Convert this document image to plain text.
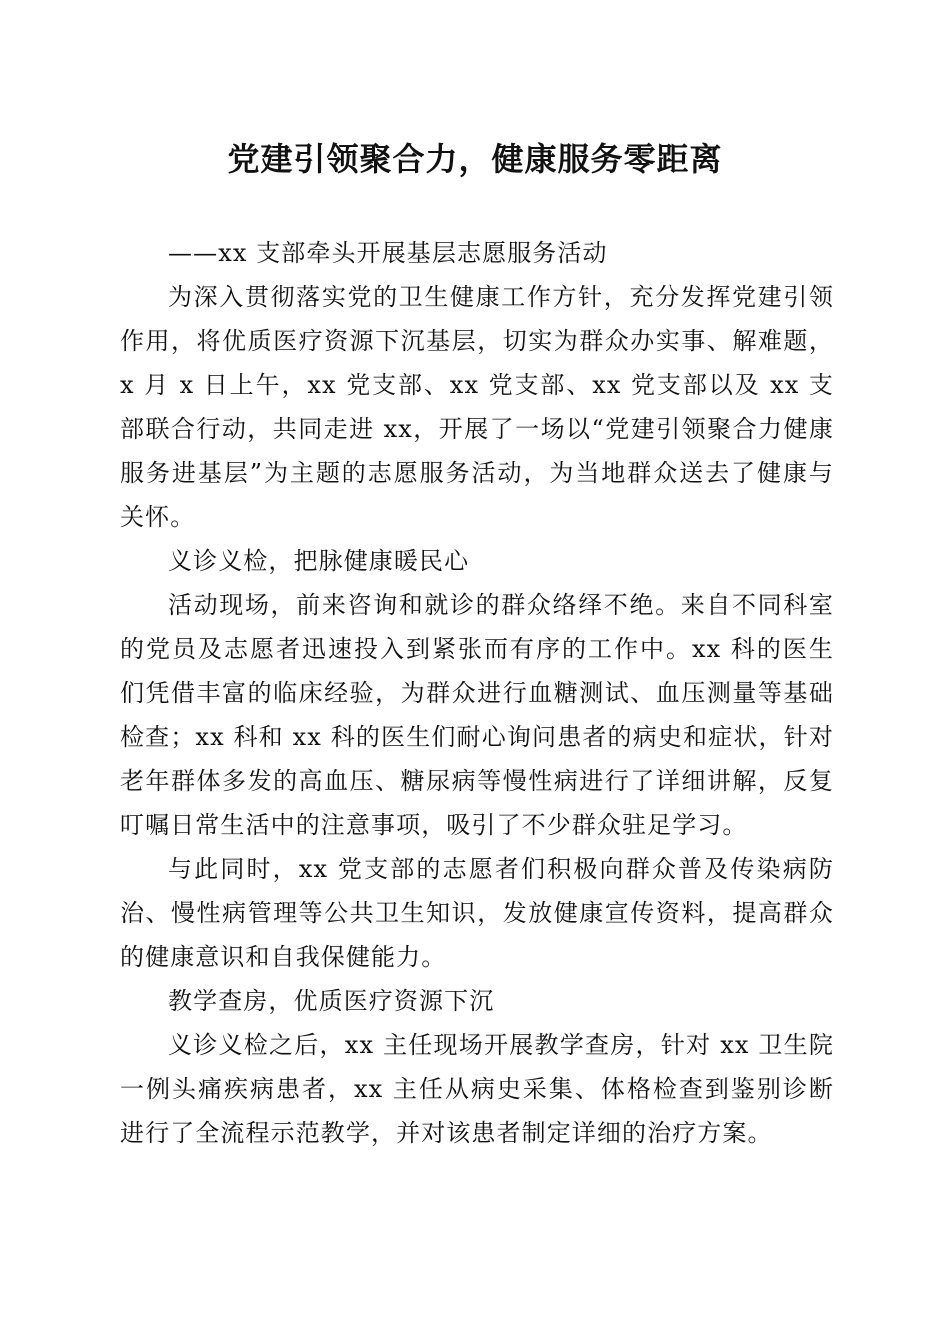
党建引领聚合力，健康服务零距离

——xx 支部牵头开展基层志愿服务活动

为深入贯彻落实党的卫生健康工作方针，充分发挥党建引领作用，将优质医疗资源下沉基层，切实为群众办实事、解难题，x 月 x 日上午，xx 党支部、xx 党支部、xx 党支部以及 xx 支部联合行动，共同走进 xx，开展了一场以“党建引领聚合力健康服务进基层”为主题的志愿服务活动，为当地群众送去了健康与关怀。

义诊义检，把脉健康暖民心

活动现场，前来咨询和就诊的群众络绎不绝。来自不同科室的党员及志愿者迅速投入到紧张而有序的工作中。xx 科的医生们凭借丰富的临床经验，为群众进行血糖测试、血压测量等基础检查；xx 科和 xx 科的医生们耐心询问患者的病史和症状，针对老年群体多发的高血压、糖尿病等慢性病进行了详细讲解，反复叮嘱日常生活中的注意事项，吸引了不少群众驻足学习。

与此同时，xx 党支部的志愿者们积极向群众普及传染病防治、慢性病管理等公共卫生知识，发放健康宣传资料，提高群众的健康意识和自我保健能力。

教学查房，优质医疗资源下沉

义诊义检之后，xx 主任现场开展教学查房，针对 xx 卫生院一例头痛疾病患者，xx 主任从病史采集、体格检查到鉴别诊断进行了全流程示范教学，并对该患者制定详细的治疗方案。
